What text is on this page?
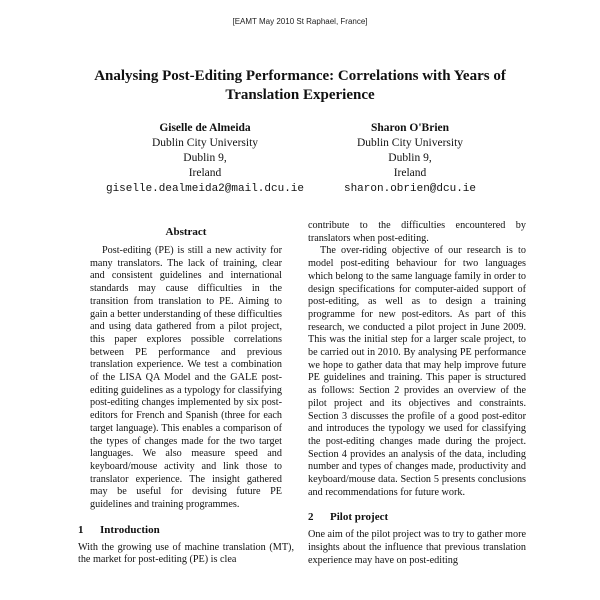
[EAMT May 2010 St Raphael, France]
Analysing Post-Editing Performance: Correlations with Years of
Translation Experience
Giselle de Almeida
Dublin City University
Dublin 9,
Ireland
giselle.dealmeida2@mail.dcu.ie
Sharon O'Brien
Dublin City University
Dublin 9,
Ireland
sharon.obrien@dcu.ie
Abstract

Post-editing (PE) is still a new activity for many translators. The lack of training, clear and consistent guidelines and international standards may cause difficulties in the transition from translation to PE. Aiming to gain a better understanding of these difficulties and using data gathered from a pilot project, this paper explores possible correlations between PE performance and previous translation experience. We test a combination of the LISA QA Model and the GALE post-editing guidelines as a typology for classifying post-editing changes implemented by six post-editors for French and Spanish (three for each target language). This enables a comparison of the types of changes made for the two target languages. We also measure speed and keyboard/mouse activity and link those to translator experience. The insight gathered may be useful for devising future PE guidelines and training programmes.

1 Introduction

With the growing use of machine translation (MT), the market for post-editing (PE) is clea

contribute to the difficulties encountered by translators when post-editing.

The over-riding objective of our research is to model post-editing behaviour for two languages which belong to the same language family in order to design specifications for computer-aided support of post-editing, as well as to design a training programme for new post-editors. As part of this research, we conducted a pilot project in June 2009. This was the initial step for a larger scale project, to be carried out in 2010. By analysing PE performance we hope to gather data that may help improve future PE guidelines and training. This paper is structured as follows: Section 2 provides an overview of the pilot project and its objectives and constraints. Section 3 discusses the profile of a good post-editor and introduces the typology we used for classifying the post-editing changes made during the project. Section 4 provides an analysis of the data, including number and types of changes made, productivity and keyboard/mouse data. Section 5 presents conclusions and recommendations for future work.

2 Pilot project

One aim of the pilot project was to try to gather more insights about the influence that previous translation experience may have on post-editing
